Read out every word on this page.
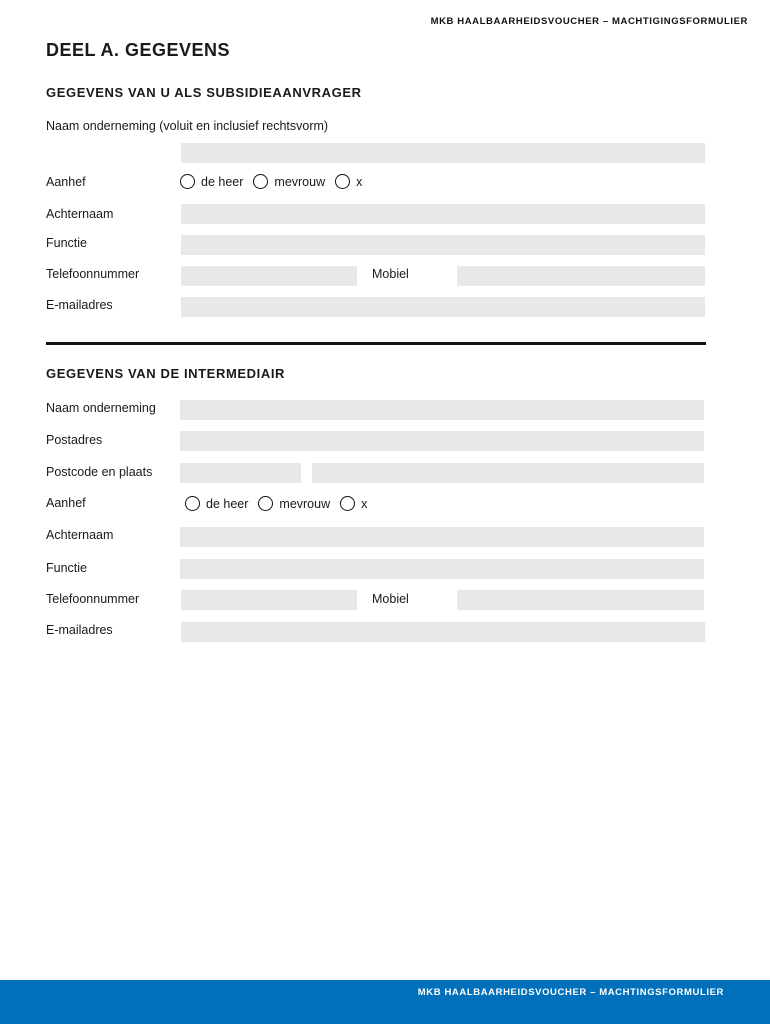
MKB HAALBAARHEIDSVOUCHER – MACHTIGINGSFORMULIER
DEEL A. GEGEVENS
GEGEVENS VAN U ALS SUBSIDIEAANVRAGER
Naam onderneming (voluit en inclusief rechtsvorm)
Aanhef	de heer mevrouw x
Achternaam
Functie
Telefoonnummer	Mobiel
E-mailadres
GEGEVENS VAN DE INTERMEDIAIR
Naam onderneming
Postadres
Postcode en plaats
Aanhef	de heer mevrouw x
Achternaam
Functie
Telefoonnummer	Mobiel
E-mailadres
MKB HAALBAARHEIDSVOUCHER – MACHTINGSFORMULIER
